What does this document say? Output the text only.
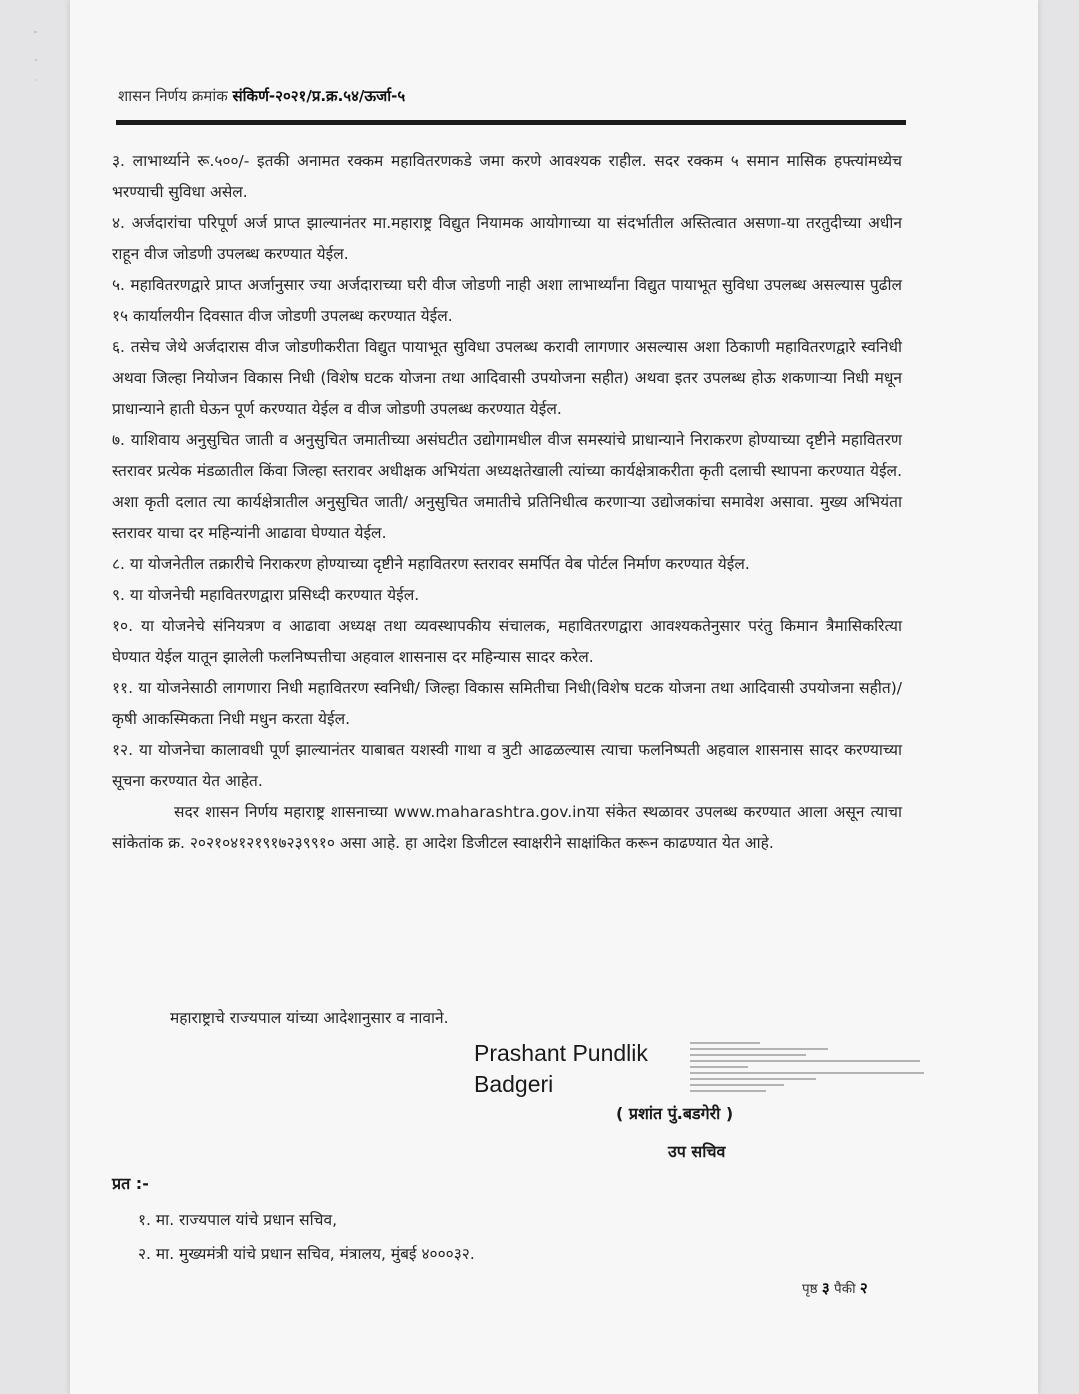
शासन निर्णय क्रमांक संकिर्ण-२०२१/प्र.क्र.५४/ऊर्जा-५

३. लाभार्थ्याने रू.५००/- इतकी अनामत रक्कम महावितरणकडे जमा करणे आवश्यक राहील. सदर रक्कम ५ समान मासिक हफ्त्यांमध्येच भरण्याची सुविधा असेल.

४. अर्जदारांचा परिपूर्ण अर्ज प्राप्त झाल्यानंतर मा.महाराष्ट्र विद्युत नियामक आयोगाच्या या संदर्भातील अस्तित्वात असणा-या तरतुदीच्या अधीन राहून वीज जोडणी उपलब्ध करण्यात येईल.

५. महावितरणद्वारे प्राप्त अर्जानुसार ज्या अर्जदाराच्या घरी वीज जोडणी नाही अशा लाभार्थ्यांना विद्युत पायाभूत सुविधा उपलब्ध असल्यास पुढील १५ कार्यालयीन दिवसात वीज जोडणी उपलब्ध करण्यात येईल.

६. तसेच जेथे अर्जदारास वीज जोडणीकरीता विद्युत पायाभूत सुविधा उपलब्ध करावी लागणार असल्यास अशा ठिकाणी महावितरणद्वारे स्वनिधी अथवा जिल्हा नियोजन विकास निधी (विशेष घटक योजना तथा आदिवासी उपयोजना सहीत) अथवा इतर उपलब्ध होऊ शकणाऱ्या निधी मधून प्राधान्याने हाती घेऊन पूर्ण करण्यात येईल व वीज जोडणी उपलब्ध करण्यात येईल.

७. याशिवाय अनुसुचित जाती व अनुसुचित जमातीच्या असंघटीत उद्योगामधील वीज समस्यांचे प्राधान्याने निराकरण होण्याच्या दृष्टीने महावितरण स्तरावर प्रत्येक मंडळातील किंवा जिल्हा स्तरावर अधीक्षक अभियंता अध्यक्षतेखाली त्यांच्या कार्यक्षेत्राकरीता कृती दलाची स्थापना करण्यात येईल. अशा कृती दलात त्या कार्यक्षेत्रातील अनुसुचित जाती/ अनुसुचित जमातीचे प्रतिनिधीत्व करणाऱ्या उद्योजकांचा समावेश असावा. मुख्य अभियंता स्तरावर याचा दर महिन्यांनी आढावा घेण्यात येईल.

८. या योजनेतील तक्रारीचे निराकरण होण्याच्या दृष्टीने महावितरण स्तरावर समर्पित वेब पोर्टल निर्माण करण्यात येईल.

९. या योजनेची महावितरणद्वारा प्रसिध्दी करण्यात येईल.

१०. या योजनेचे संनियत्रण व आढावा अध्यक्ष तथा व्यवस्थापकीय संचालक, महावितरणद्वारा आवश्यकतेनुसार परंतु किमान त्रैमासिकरित्या घेण्यात येईल यातून झालेली फलनिष्पत्तीचा अहवाल शासनास दर महिन्यास सादर करेल.

११. या योजनेसाठी लागणारा निधी महावितरण स्वनिधी/ जिल्हा विकास समितीचा निधी(विशेष घटक योजना तथा आदिवासी उपयोजना सहीत)/कृषी आकस्मिकता निधी मधुन करता येईल.

१२. या योजनेचा कालावधी पूर्ण झाल्यानंतर याबाबत यशस्वी गाथा व त्रुटी आढळल्यास त्याचा फलनिष्पती अहवाल शासनास सादर करण्याच्या सूचना करण्यात येत आहेत.

सदर शासन निर्णय महाराष्ट्र शासनाच्या www.maharashtra.gov.inया संकेत स्थळावर उपलब्ध करण्यात आला असून त्याचा सांकेतांक क्र. २०२१०४१२१९१७२३९९१० असा आहे. हा आदेश डिजीटल स्वाक्षरीने साक्षांकित करून काढण्यात येत आहे.

महाराष्ट्राचे राज्यपाल यांच्या आदेशानुसार व नावाने.
Prashant Pundlik
Badgeri
( प्रशांत पुं.बडगेरी )
उप सचिव
प्रत :-
१. मा. राज्यपाल यांचे प्रधान सचिव,
२. मा. मुख्यमंत्री यांचे प्रधान सचिव, मंत्रालय, मुंबई ४०००३२.
पृष्ठ ३ पैकी २
